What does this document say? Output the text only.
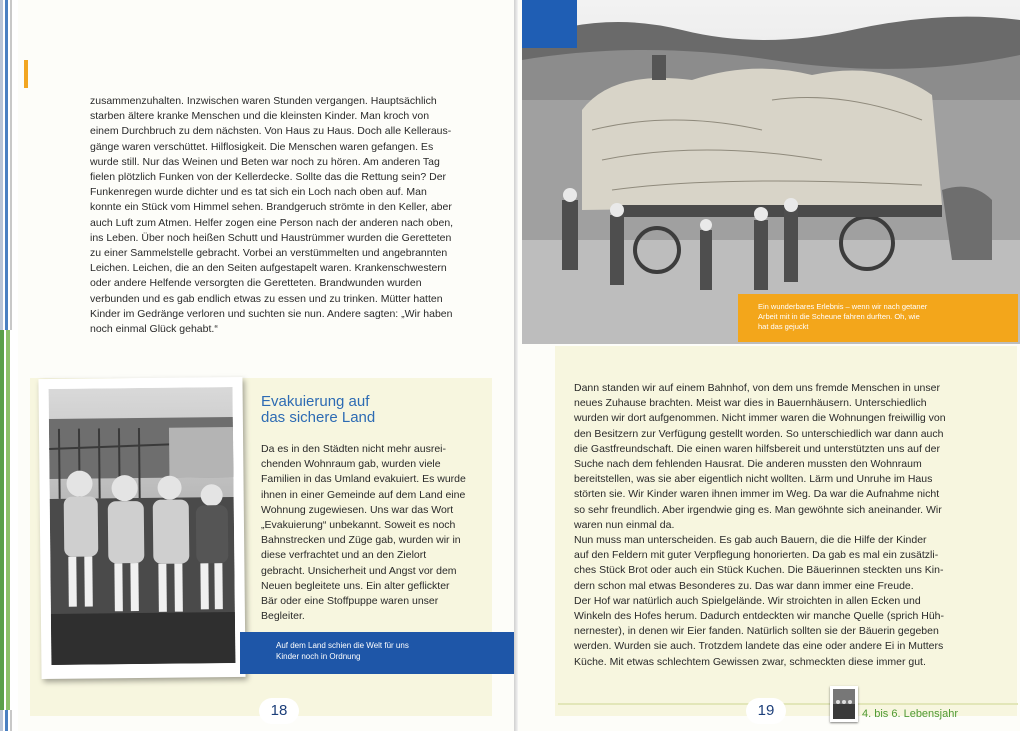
zusammenzuhalten. Inzwischen waren Stunden vergangen. Hauptsächlich
starben ältere kranke Menschen und die kleinsten Kinder. Man kroch von
einem Durchbruch zu dem nächsten. Von Haus zu Haus. Doch alle Kelleraus-
gänge waren verschüttet. Hilflosigkeit. Die Menschen waren gefangen. Es
wurde still. Nur das Weinen und Beten war noch zu hören. Am anderen Tag
fielen plötzlich Funken von der Kellerdecke. Sollte das die Rettung sein? Der
Funkenregen wurde dichter und es tat sich ein Loch nach oben auf. Man
konnte ein Stück vom Himmel sehen. Brandgeruch strömte in den Keller, aber
auch Luft zum Atmen. Helfer zogen eine Person nach der anderen nach oben,
ins Leben. Über noch heißen Schutt und Haustrümmer wurden die Geretteten
zu einer Sammelstelle gebracht. Vorbei an verstümmelten und angebrannten
Leichen. Leichen, die an den Seiten aufgestapelt waren. Krankenschwestern
oder andere Helfende versorgten die Geretteten. Brandwunden wurden
verbunden und es gab endlich etwas zu essen und zu trinken. Mütter hatten
Kinder im Gedränge verloren und suchten sie nun. Andere sagten: „Wir haben
noch einmal Glück gehabt.“
Evakuierung auf
das sichere Land
Da es in den Städten nicht mehr ausrei-
chenden Wohnraum gab, wurden viele
Familien in das Umland evakuiert. Es wurde
ihnen in einer Gemeinde auf dem Land eine
Wohnung zugewiesen. Uns war das Wort
„Evakuierung“ unbekannt. Soweit es noch
Bahnstrecken und Züge gab, wurden wir in
diese verfrachtet und an den Zielort
gebracht. Unsicherheit und Angst vor dem
Neuen begleitete uns. Ein alter geflickter
Bär oder eine Stoffpuppe waren unser
Begleiter.
Auf dem Land schien die Welt für uns
Kinder noch in Ordnung
18
Ein wunderbares Erlebnis – wenn wir nach getaner
Arbeit mit in die Scheune fahren durften. Oh, wie
hat das gejuckt
Dann standen wir auf einem Bahnhof, von dem uns fremde Menschen in unser
neues Zuhause brachten. Meist war dies in Bauernhäusern. Unterschiedlich
wurden wir dort aufgenommen. Nicht immer waren die Wohnungen freiwillig von
den Besitzern zur Verfügung gestellt worden. So unterschiedlich war dann auch
die Gastfreundschaft. Die einen waren hilfsbereit und unterstützten uns auf der
Suche nach dem fehlenden Hausrat. Die anderen mussten den Wohnraum
bereitstellen, was sie aber eigentlich nicht wollten. Lärm und Unruhe im Haus
störten sie. Wir Kinder waren ihnen immer im Weg. Da war die Aufnahme nicht
so sehr freundlich. Aber irgendwie ging es. Man gewöhnte sich aneinander. Wir
waren nun einmal da.
Nun muss man unterscheiden. Es gab auch Bauern, die die Hilfe der Kinder
auf den Feldern mit guter Verpflegung honorierten. Da gab es mal ein zusätzli-
ches Stück Brot oder auch ein Stück Kuchen. Die Bäuerinnen steckten uns Kin-
dern schon mal etwas Besonderes zu. Das war dann immer eine Freude.
Der Hof war natürlich auch Spielgelände. Wir stroichten in allen Ecken und
Winkeln des Hofes herum. Dadurch entdeckten wir manche Quelle (sprich Hüh-
nernester), in denen wir Eier fanden. Natürlich sollten sie der Bäuerin gegeben
werden. Wurden sie auch. Trotzdem landete das eine oder andere Ei in Mutters
Küche. Mit etwas schlechtem Gewissen zwar, schmeckten diese immer gut.
19	4. bis 6. Lebensjahr
